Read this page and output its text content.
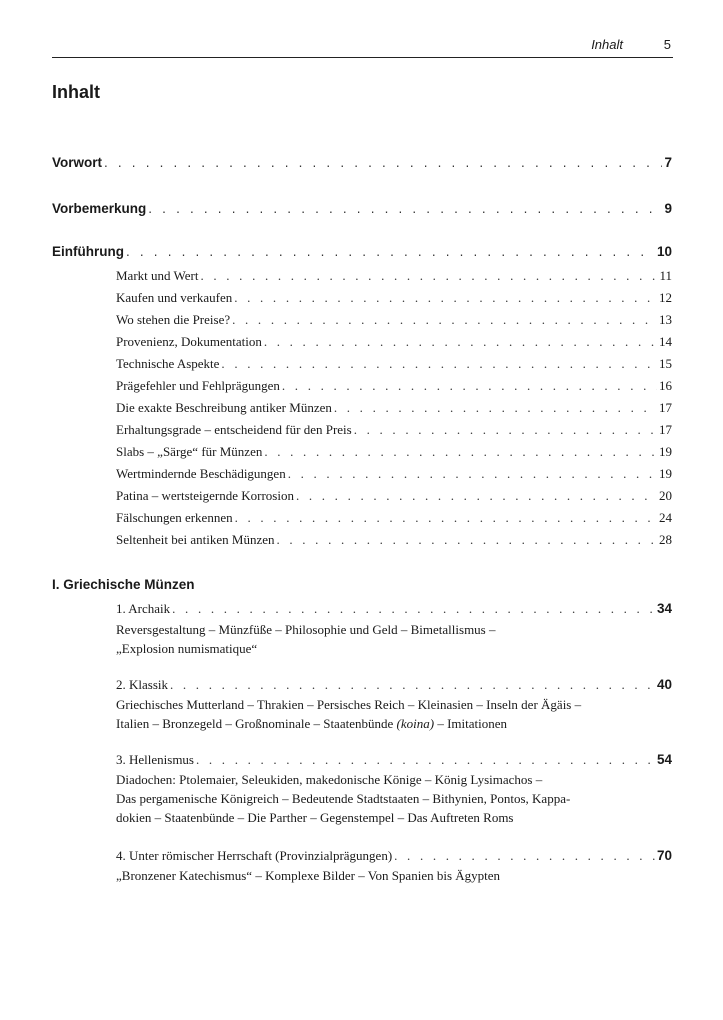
Inhalt	5
Inhalt
Vorwort . . .	7
Vorbemerkung . . .	9
Einführung . . .	10
Markt und Wert . . .	11
Kaufen und verkaufen . . .	12
Wo stehen die Preise? . . .	13
Provenienz, Dokumentation . . .	14
Technische Aspekte . . .	15
Prägefehler und Fehlprägungen . . .	16
Die exakte Beschreibung antiker Münzen . . .	17
Erhaltungsgrade – entscheidend für den Preis . . .	17
Slabs – „Särge“ für Münzen . . .	19
Wertmindernde Beschädigungen . . .	19
Patina – wertsteigernde Korrosion . . .	20
Fälschungen erkennen . . .	24
Seltenheit bei antiken Münzen . . .	28
I. Griechische Münzen
1. Archaik . . .	34
Reversgestaltung – Münzfüße – Philosophie und Geld – Bimetallismus –
„Explosion numismatique“
2. Klassik . . .	40
Griechisches Mutterland – Thrakien – Persisches Reich – Kleinasien – Inseln der Ägäis –
Italien – Bronzegeld – Großnominale – Staatenbünde (koina) – Imitationen
3. Hellenismus . . .	54
Diadochen: Ptolemaier, Seleukiden, makedonische Könige – König Lysimachos –
Das pergamenische Königreich – Bedeutende Stadtstaaten – Bithynien, Pontos, Kappa-
dokien – Staatenbünde – Die Parther – Gegenstempel – Das Auftreten Roms
4. Unter römischer Herrschaft (Provinzialprägungen) . . .	70
„Bronzener Katechismus“ – Komplexe Bilder – Von Spanien bis Ägypten
